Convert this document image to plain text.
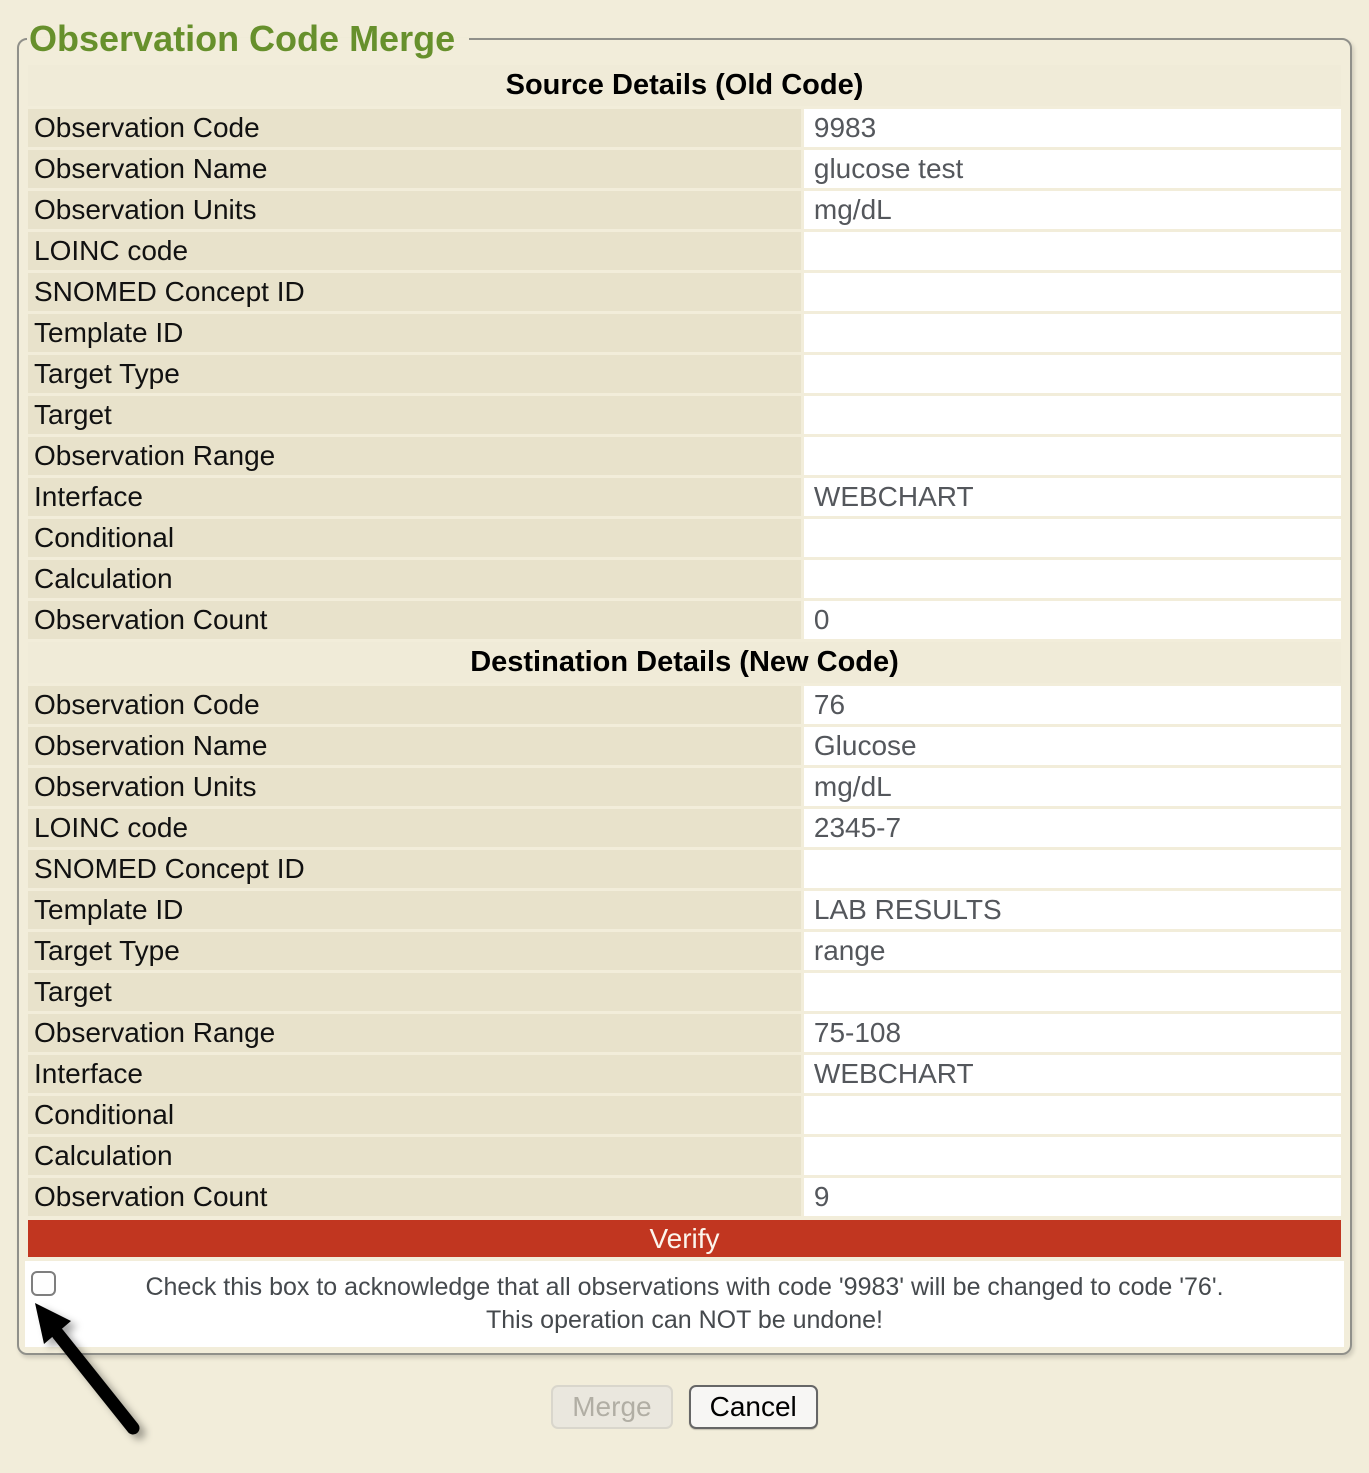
Observation Code Merge
Source Details (Old Code)	
Observation Code	9983
Observation Name	glucose test
Observation Units	mg/dL
LOINC code	
SNOMED Concept ID	
Template ID	
Target Type	
Target	
Observation Range	
Interface	WEBCHART
Conditional	
Calculation	
Observation Count	0
Destination Details (New Code)	
Observation Code	76
Observation Name	Glucose
Observation Units	mg/dL
LOINC code	2345-7
SNOMED Concept ID	
Template ID	LAB RESULTS
Target Type	range
Target	
Observation Range	75-108
Interface	WEBCHART
Conditional	
Calculation	
Observation Count	9
Verify
Check this box to acknowledge that all observations with code '9983' will be changed to code '76'.
This operation can NOT be undone!
Merge	Cancel
